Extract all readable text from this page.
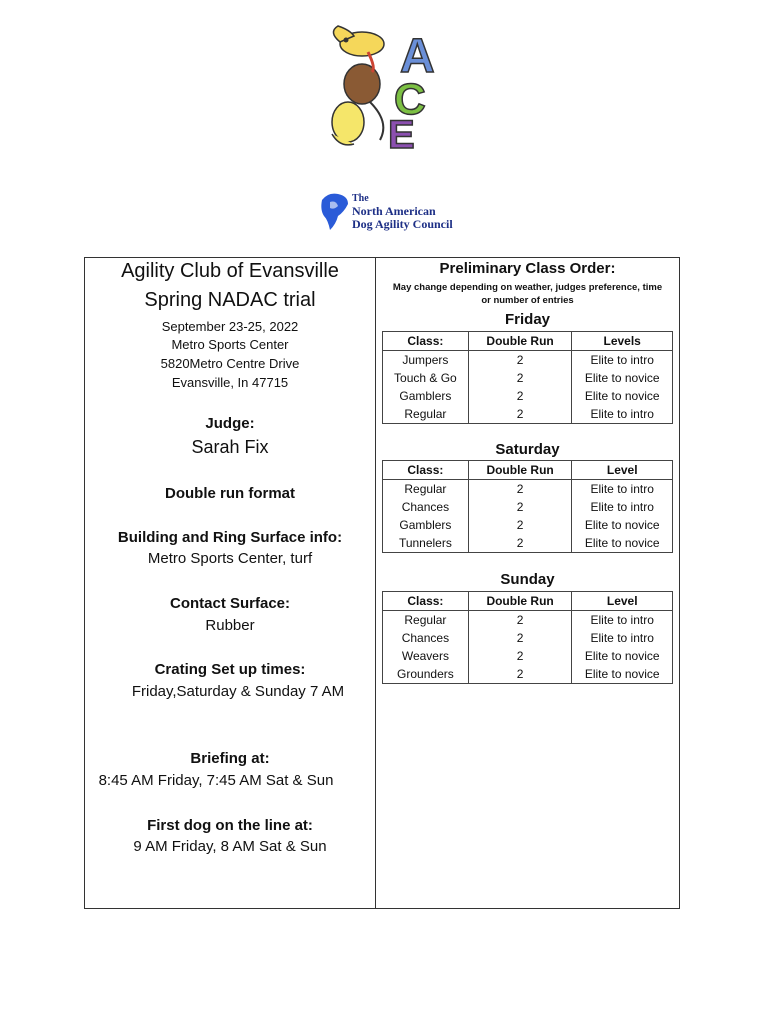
A
C
E
The
North American
Dog Agility Council
Agility Club of Evansville
Spring NADAC trial
September 23-25, 2022
Metro Sports Center
5820Metro Centre Drive
Evansville, In 47715
Judge:
Sarah Fix
Double run format
Building and Ring Surface info:
Metro Sports Center, turf
Contact Surface:
Rubber
Crating Set up times:
Friday,Saturday & Sunday 7 AM
Briefing at:
8:45 AM Friday, 7:45 AM Sat & Sun
First dog on the line at:
9 AM Friday, 8 AM Sat & Sun
Preliminary Class Order:
May change depending on weather, judges preference, time
or number of entries
Friday
Class:	Double Run	Levels
Jumpers	2	Elite to intro
Touch & Go	2	Elite to novice
Gamblers	2	Elite to novice
Regular	2	Elite to intro
Saturday
Class:	Double Run	Level
Regular	2	Elite to intro
Chances	2	Elite to intro
Gamblers	2	Elite to novice
Tunnelers	2	Elite to novice
Sunday
Class:	Double Run	Level
Regular	2	Elite to intro
Chances	2	Elite to intro
Weavers	2	Elite to novice
Grounders	2	Elite to novice
